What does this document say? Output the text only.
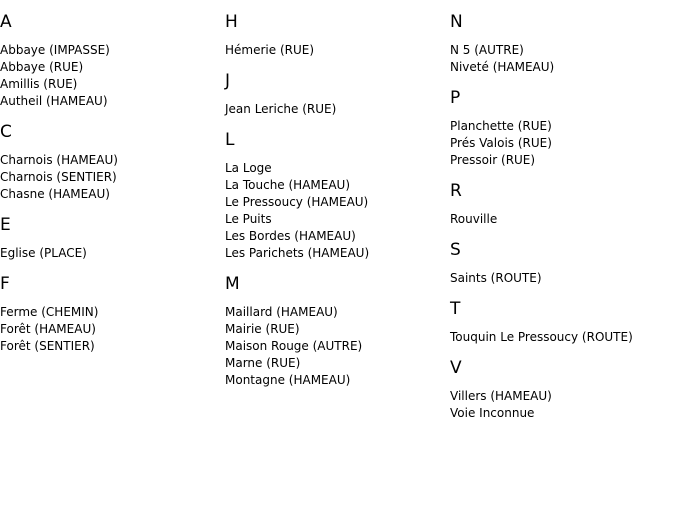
A
Abbaye (IMPASSE)
Abbaye (RUE)
Amillis (RUE)
Autheil (HAMEAU)
C
Charnois (HAMEAU)
Charnois (SENTIER)
Chasne (HAMEAU)
E
Eglise (PLACE)
F
Ferme (CHEMIN)
Forêt (HAMEAU)
Forêt (SENTIER)
H
Hémerie (RUE)
J
Jean Leriche (RUE)
L
La Loge
La Touche (HAMEAU)
Le Pressoucy (HAMEAU)
Le Puits
Les Bordes (HAMEAU)
Les Parichets (HAMEAU)
M
Maillard (HAMEAU)
Mairie (RUE)
Maison Rouge (AUTRE)
Marne (RUE)
Montagne (HAMEAU)
N
N 5 (AUTRE)
Niveté (HAMEAU)
P
Planchette (RUE)
Prés Valois (RUE)
Pressoir (RUE)
R
Rouville
S
Saints (ROUTE)
T
Touquin Le Pressoucy (ROUTE)
V
Villers (HAMEAU)
Voie Inconnue
